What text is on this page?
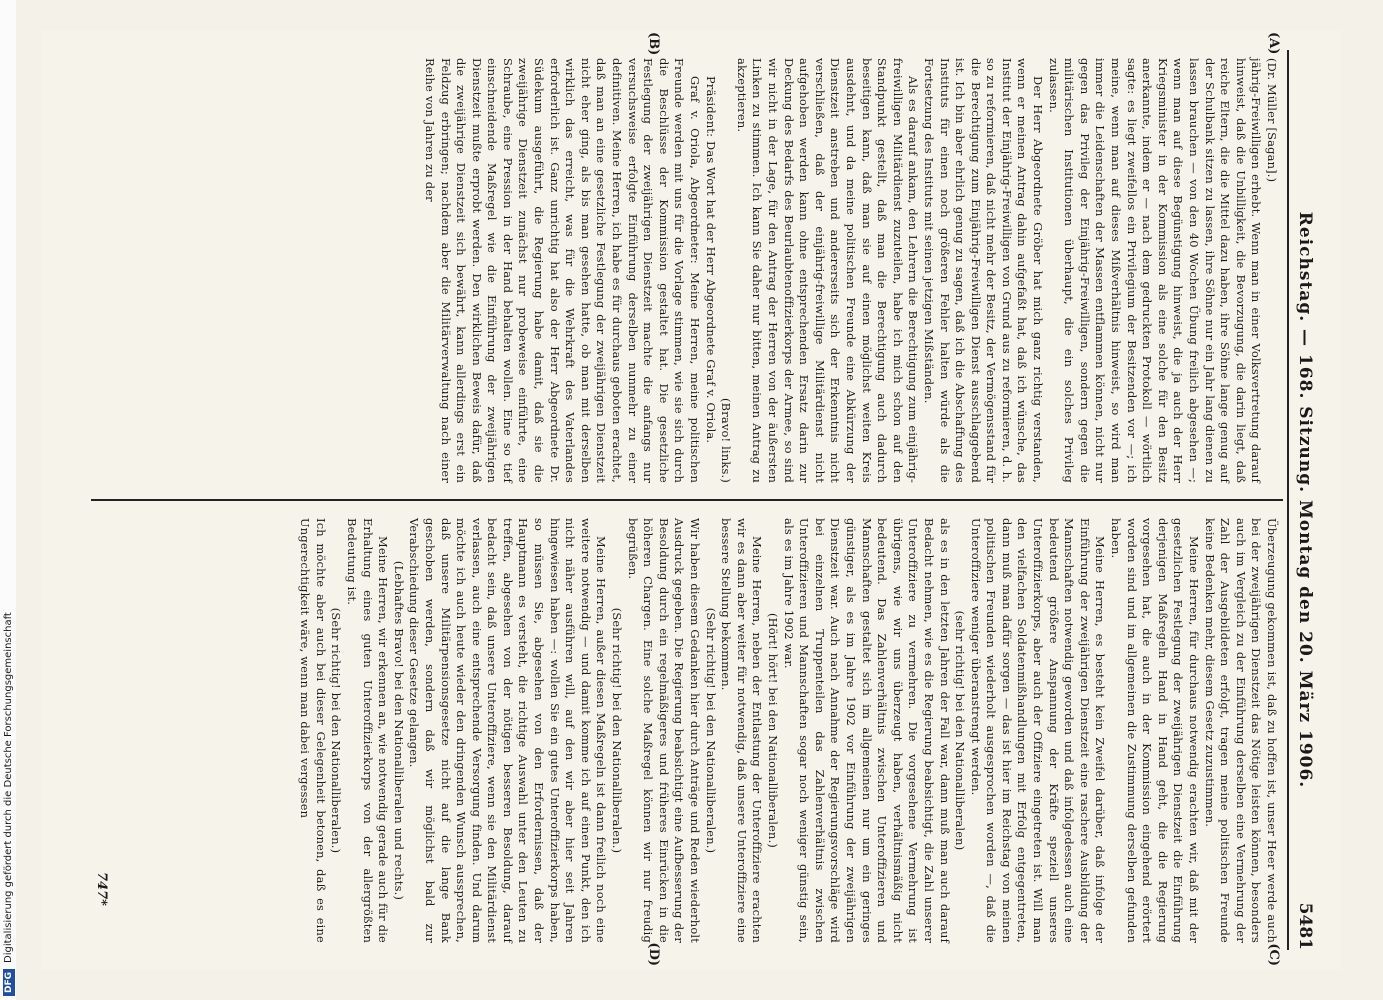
DFG
Digitalisierung gefördert durch die Deutsche Forschungsgemeinschaft	Reichstag. — 168. Sitzung. Montag den 20. März 1906.
5481
(A)
(B)
(C)
(D)

(Dr. Müller [Sagan].)

jährig-Freiwilligen erhebt. Wenn man in einer Volksvertretung darauf hinweist, daß die Unbilligkeit, die Bevorzugung, die darin liegt, daß reiche Eltern, die die Mittel dazu haben, ihre Söhne lange genug auf der Schulbank sitzen zu lassen, ihre Söhne nur ein Jahr lang dienen zu lassen brauchen — von den 40 Wochen Übung freilich abgesehen —; wenn man auf diese Begünstigung hinweist, die ja auch der Herr Kriegsminister in der Kommission als eine solche für den Besitz anerkannte, indem er — nach dem gedruckten Protokoll — wörtlich sagte: es liegt zweifellos ein Privilegium der Besitzenden vor —; ich meine, wenn man auf dieses Mißverhältnis hinweist, so wird man immer die Leidenschaften der Massen entflammen können, nicht nur gegen das Privileg der Einjährig-Freiwilligen, sondern gegen die militärischen Institutionen überhaupt, die ein solches Privileg zulassen.

Der Herr Abgeordnete Gröber hat mich ganz richtig verstanden, wenn er meinen Antrag dahin aufgefaßt hat, daß ich wünsche, das Institut der Einjährig-Freiwilligen von Grund aus zu reformieren, d. h. so zu reformieren, daß nicht mehr der Besitz, der Vermögensstand für die Berechtigung zum Einjährig-Freiwilligen Dienst ausschlaggebend ist. Ich bin aber ehrlich genug zu sagen, daß ich die Abschaffung des Instituts für einen noch größeren Fehler halten würde als die Fortsetzung des Instituts mit seinen jetzigen Mißständen.

Als es darauf ankam, den Lehrern die Berechtigung zum einjährig-freiwilligen Militärdienst zuzuteilen, habe ich mich schon auf den Standpunkt gestellt, daß man die Berechtigung auch dadurch beseitigen kann, daß man sie auf einen möglichst weiten Kreis ausdehnt, und da meine politischen Freunde eine Abkürzung der Dienstzeit anstreben und andererseits sich der Erkenntnis nicht verschließen, daß der einjährig-freiwillige Militärdienst nicht aufgehoben werden kann ohne entsprechenden Ersatz darin zur Deckung des Bedarfs des Beurlaubtenoffizierkorps der Armee, so sind wir nicht in der Lage, für den Antrag der Herren von der äußersten Linken zu stimmen. Ich kann Sie daher nur bitten, meinen Antrag zu akzeptieren.

(Bravo! links.)

Präsident: Das Wort hat der Herr Abgeordnete Graf v. Oriola.

Graf v. Oriola, Abgeordneter: Meine Herren, meine politischen Freunde werden mit uns für die Vorlage stimmen, wie sie sich durch die Beschlüsse der Kommission gestaltet hat. Die gesetzliche Festlegung der zweijährigen Dienstzeit machte die anfangs nur versuchsweise erfolgte Einführung derselben nunmehr zu einer definitiven. Meine Herren, ich habe es für durchaus geboten erachtet, daß man an eine gesetzliche Festlegung der zweijährigen Dienstzeit nicht eher ging, als bis man gesehen hatte, ob man mit derselben wirklich das erreicht, was für die Wehrkraft des Vaterlandes erforderlich ist. Ganz unrichtig hat also der Herr Abgeordnete Dr. Südekum ausgeführt, die Regierung habe damit, daß sie die zweijährige Dienstzeit zunächst nur probeweise einführte, eine Schraube, eine Pression in der Hand behalten wollen. Eine so tief einschneidende Maßregel wie die Einführung der zweijährigen Dienstzeit mußte erprobt werden. Den wirklichen Beweis dafür, daß die zweijährige Dienstzeit sich bewährt, kann allerdings erst ein Feldzug erbringen; nachdem aber die Militärverwaltung nach einer Reihe von Jahren zu der

Überzeugung gekommen ist, daß zu hoffen ist, unser Heer werde auch bei der zweijährigen Dienstzeit das Nötige leisten können, besonders auch im Vergleich zu der Einführung derselben eine Vermehrung der Zahl der Ausgebildeten erfolgt, tragen meine politischen Freunde keine Bedenken mehr, diesem Gesetz zuzustimmen.

Meine Herren, für durchaus notwendig erachten wir, daß mit der gesetzlichen Festlegung der zweijährigen Dienstzeit die Einführung derjenigen Maßregeln Hand in Hand geht, die die Regierung vorgesehen hat, die auch in der Kommission eingehend erörtert worden sind und im allgemeinen die Zustimmung derselben gefunden haben.

Meine Herren, es besteht kein Zweifel darüber, daß infolge der Einführung der zweijährigen Dienstzeit eine raschere Ausbildung der Mannschaften notwendig geworden und daß infolgedessen auch eine bedeutend größere Anspannung der Kräfte speziell unseres Unteroffizierkorps, aber auch der Offiziere eingetreten ist. Will man den vielfachen Soldatenmißhandlungen mit Erfolg entgegentreten, dann muß man dafür sorgen — das ist hier im Reichstag von meinen politischen Freunden wiederholt ausgesprochen worden —, daß die Unteroffiziere weniger überanstrengt werden.

(sehr richtig! bei den Nationalliberalen)

als es in den letzten Jahren der Fall war, dann muß man auch darauf Bedacht nehmen, wie es die Regierung beabsichtigt, die Zahl unserer Unteroffiziere zu vermehren. Die vorgesehene Vermehrung ist übrigens, wie wir uns überzeugt haben, verhältnismäßig nicht bedeutend. Das Zahlenverhältnis zwischen Unteroffizieren und Mannschaften gestaltet sich im allgemeinen nur um ein geringes günstiger, als es im Jahre 1902 vor Einführung der zweijährigen Dienstzeit war. Auch nach Annahme der Regierungsvorschläge wird bei einzelnen Truppenteilen das Zahlenverhältnis zwischen Unteroffizieren und Mannschaften sogar noch weniger günstig sein, als es im Jahre 1902 war.

(Hört! hört! bei den Nationalliberalen.)

Meine Herren, neben der Entlastung der Unteroffiziere erachten wir es dann aber weiter für notwendig, daß unsere Unteroffiziere eine bessere Stellung bekommen.

(Sehr richtig! bei den Nationalliberalen.)

Wir haben diesem Gedanken hier durch Anträge und Reden wiederholt Ausdruck gegeben. Die Regierung beabsichtigt eine Aufbesserung der Besoldung durch ein regelmäßigeres und früheres Einrücken in die höheren Chargen. Eine solche Maßregel können wir nur freudig begrüßen.

(Sehr richtig! bei den Nationalliberalen.)

Meine Herren, außer diesen Maßregeln ist dann freilich noch eine weitere notwendig — und damit komme ich auf einen Punkt, den ich nicht näher ausführen will, auf den wir aber hier seit Jahren hingewiesen haben —: wollen Sie ein gutes Unteroffizierkorps haben, so müssen Sie, abgesehen von den Erfordernissen, daß der Hauptmann es versteht, die richtige Auswahl unter den Leuten zu treffen, abgesehen von der nötigen besseren Besoldung, darauf bedacht sein, daß unsere Unteroffiziere, wenn sie den Militärdienst verlassen, auch eine entsprechende Versorgung finden. Und darum möchte ich auch heute wieder den dringenden Wunsch aussprechen, daß unsere Militärpensionsgesetze nicht auf die lange Bank geschoben werden, sondern daß wir möglichst bald zur Verabschiedung dieser Gesetze gelangen.

(Lebhaftes Bravo! bei den Nationalliberalen und rechts.)

Meine Herren, wir erkennen an, wie notwendig gerade auch für die Erhaltung eines guten Unteroffizierkorps von der allergrößten Bedeutung ist.

(Sehr richtig! bei den Nationalliberalen.)

Ich möchte aber auch bei dieser Gelegenheit betonen, daß es eine Ungerechtigkeit wäre, wenn man dabei vergessen

747*
